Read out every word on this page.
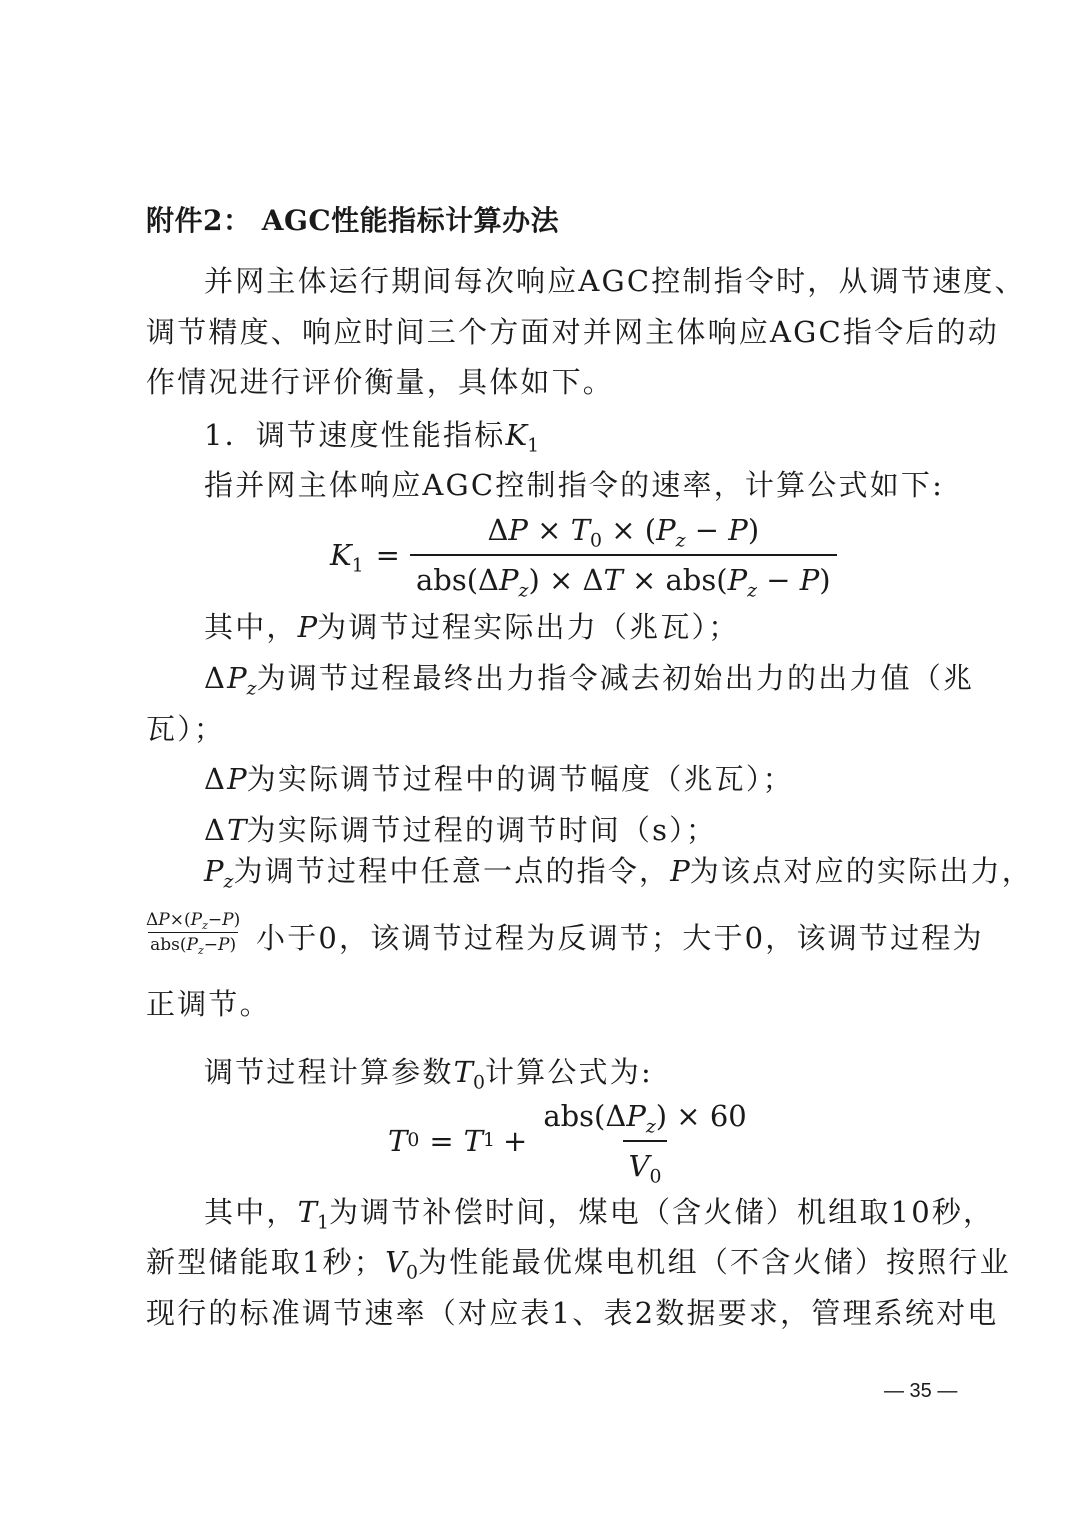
附件2： AGC性能指标计算办法
并网主体运行期间每次响应AGC控制指令时，从调节速度、
调节精度、响应时间三个方面对并网主体响应AGC指令后的动
作情况进行评价衡量，具体如下。
1．调节速度性能指标$K_1$
指并网主体响应AGC控制指令的速率，计算公式如下:
$K_1 = \frac{\Delta P \times T_0 \times (P_z - P)}{abs(\Delta P_z) \times \Delta T \times abs(P_z - P)}$
其中，P为调节过程实际出力（兆瓦）；
$\Delta P_z$为调节过程最终出力指令减去初始出力的出力值（兆
瓦）；
ΔP为实际调节过程中的调节幅度（兆瓦）；
ΔT为实际调节过程的调节时间（s）；
$P_z$为调节过程中任意一点的指令，P为该点对应的实际出力，
$\Delta P\times(P_z-P)$
$abs(P_z-P)$ 小于0，该调节过程为反调节；大于0，该调节过程为
正调节。
调节过程计算参数$T_0$计算公式为:
T 0 = T $1 + \frac{abs(\Delta P_z) \times 60}{V_0}$
其中，$T_1$为调节补偿时间，煤电（含火储）机组取10秒，
新型储能取1秒；$V_0$为性能最优煤电机组（不含火储）按照行业
现行的标准调节速率（对应表1、表2数据要求，管理系统对电
— 35 —
